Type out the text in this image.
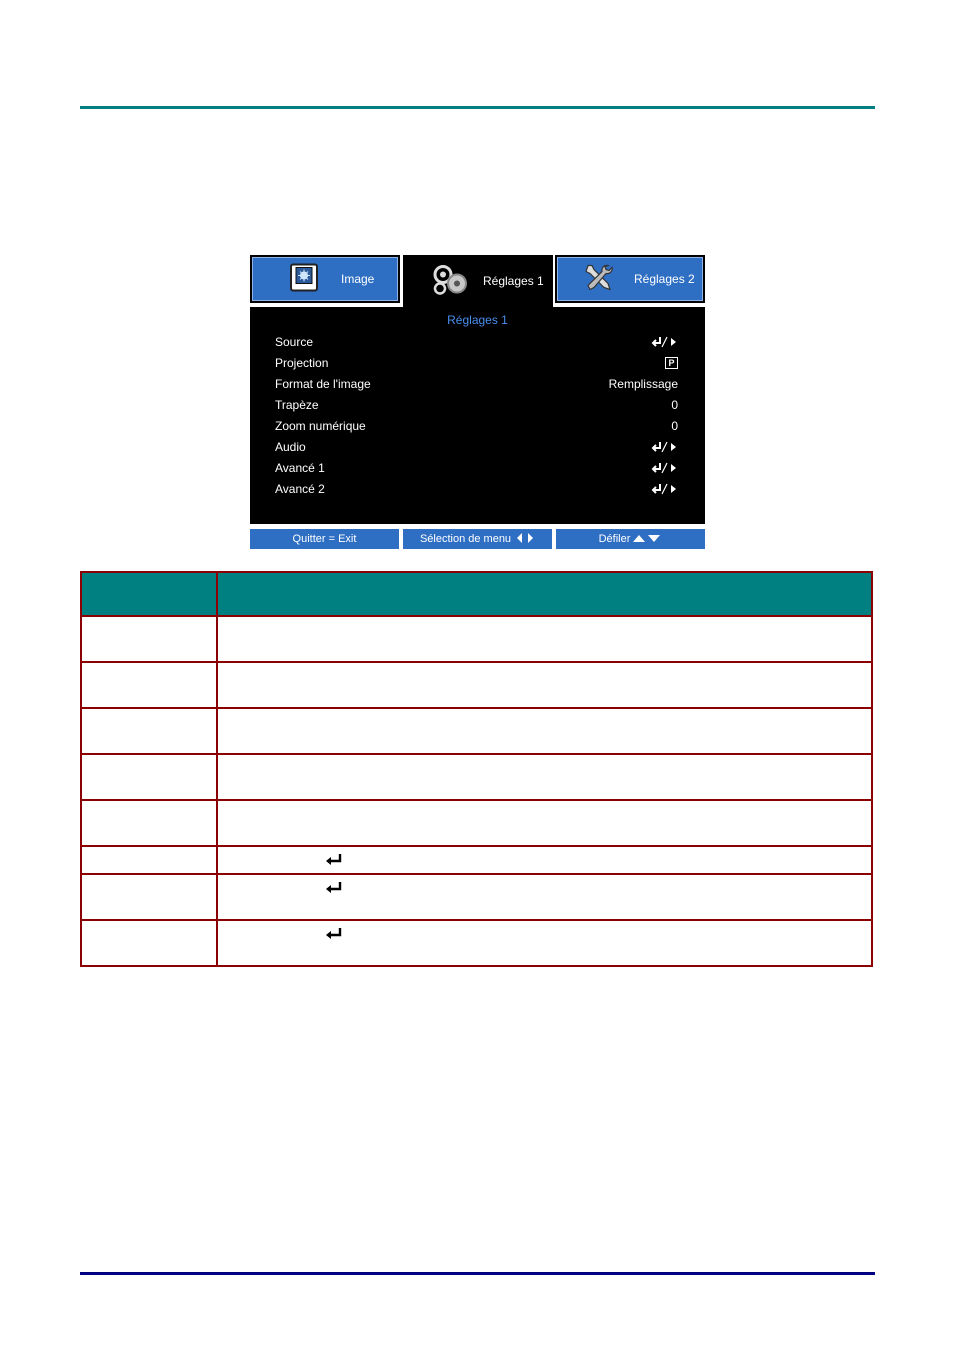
Image	Réglages 1	Réglages 2
Réglages 1
Source
Projection	P
Format de l'image	Remplissage
Trapèze	0
Zoom numérique	0
Audio
Avancé 1
Avancé 2
Quitter = Exit	Sélection de menu	Défiler
